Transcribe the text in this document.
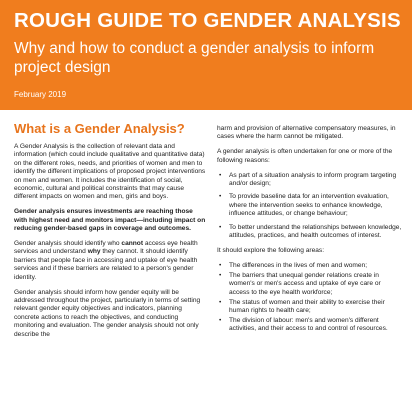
ROUGH GUIDE TO GENDER ANALYSIS
Why and how to conduct a gender analysis to inform project design
February 2019
What is a Gender Analysis?

A Gender Analysis is the collection of relevant data and information (which could include qualitative and quantitative data) on the different roles, needs, and priorities of women and men to identify the different implications of proposed project interventions on men and women. It includes the identification of social, economic, cultural and political constraints that may cause different impacts on women and men, girls and boys.

Gender analysis ensures investments are reaching those with highest need and monitors impact—including impact on reducing gender-based gaps in coverage and outcomes.

Gender analysis should identify who cannot access eye health services and understand why they cannot. It should identify barriers that people face in accessing and uptake of eye health services and if these barriers are related to a person's gender identity.

Gender analysis should inform how gender equity will be addressed throughout the project, particularly in terms of setting relevant gender equity objectives and indicators, planning concrete actions to reach the objectives, and conducting monitoring and evaluation. The gender analysis should not only describe the

harm and provision of alternative compensatory measures, in cases where the harm cannot be mitigated.

A gender analysis is often undertaken for one or more of the following reasons:

• As part of a situation analysis to inform program targeting and/or design;
• To provide baseline data for an intervention evaluation, where the intervention seeks to enhance knowledge, influence attitudes, or change behaviour;
• To better understand the relationships between knowledge, attitudes, practices, and health outcomes of interest.

It should explore the following areas:

• The differences in the lives of men and women;
• The barriers that unequal gender relations create in women's or men's access and uptake of eye care or access to the eye health workforce;
• The status of women and their ability to exercise their human rights to health care;
• The division of labour: men's and women's different activities, and their access to and control of resources.
